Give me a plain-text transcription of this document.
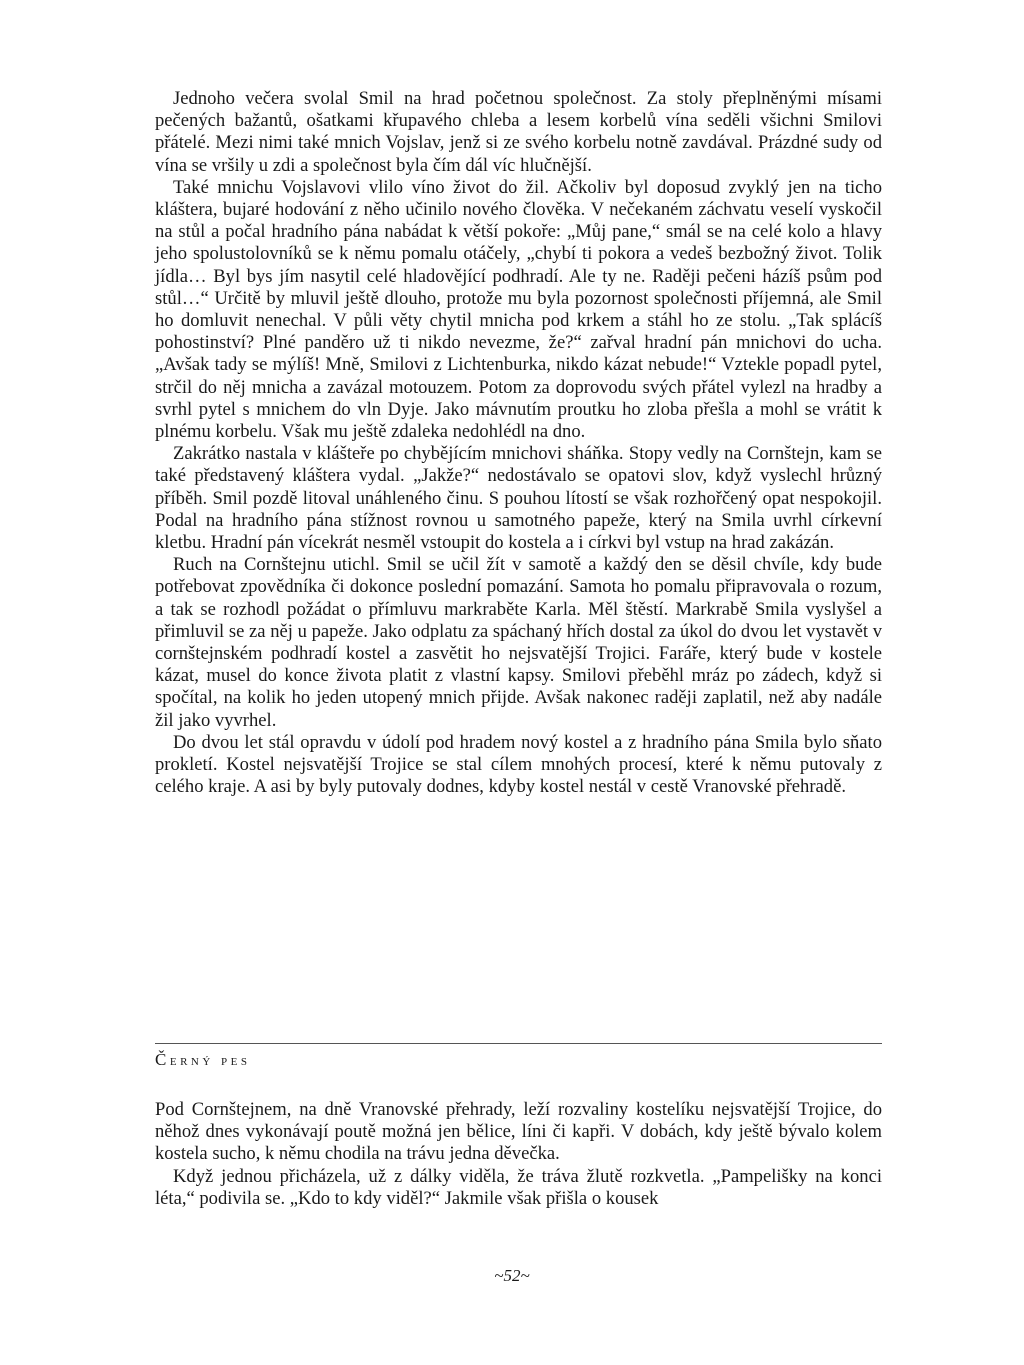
Jednoho večera svolal Smil na hrad početnou společnost. Za stoly přeplněnými mísami pečených bažantů, ošatkami křupavého chleba a lesem korbelů vína seděli všichni Smilovi přátelé. Mezi nimi také mnich Vojslav, jenž si ze svého korbelu notně zavdával. Prázdné sudy od vína se vršily u zdi a společnost byla čím dál víc hlučnější.

Také mnichu Vojslavovi vlilo víno život do žil. Ačkoliv byl doposud zvyklý jen na ticho kláštera, bujaré hodování z něho učinilo nového člověka. V nečekaném záchvatu veselí vyskočil na stůl a počal hradního pána nabádat k větší pokoře: „Můj pane,“ smál se na celé kolo a hlavy jeho spolustolovníků se k němu pomalu otáčely, „chybí ti pokora a vedeš bezbožný život. Tolik jídla… Byl bys jím nasytil celé hladovějící podhradí. Ale ty ne. Raději pečeni házíš psům pod stůl…“ Určitě by mluvil ještě dlouho, protože mu byla pozornost společnosti příjemná, ale Smil ho domluvit nenechal. V půli věty chytil mnicha pod krkem a stáhl ho ze stolu. „Tak splácíš pohostinství? Plné panděro už ti nikdo nevezme, že?“ zařval hradní pán mnichovi do ucha. „Avšak tady se mýlíš! Mně, Smilovi z Lichtenburka, nikdo kázat nebude!“ Vztekle popadl pytel, strčil do něj mnicha a zavázal motouzem. Potom za doprovodu svých přátel vylezl na hradby a svrhl pytel s mnichem do vln Dyje. Jako mávnutím proutku ho zloba přešla a mohl se vrátit k plnému korbelu. Však mu ještě zdaleka nedohlédl na dno.

Zakrátko nastala v klášteře po chybějícím mnichovi sháňka. Stopy vedly na Cornštejn, kam se také představený kláštera vydal. „Jakže?“ nedostávalo se opatovi slov, když vyslechl hrůzný příběh. Smil pozdě litoval unáhleného činu. S pouhou lítostí se však rozhořčený opat nespokojil. Podal na hradního pána stížnost rovnou u samotného papeže, který na Smila uvrhl církevní kletbu. Hradní pán vícekrát nesměl vstoupit do kostela a i církvi byl vstup na hrad zakázán.

Ruch na Cornštejnu utichl. Smil se učil žít v samotě a každý den se děsil chvíle, kdy bude potřebovat zpovědníka či dokonce poslední pomazání. Samota ho pomalu připravovala o rozum, a tak se rozhodl požádat o přímluvu markraběte Karla. Měl štěstí. Markrabě Smila vyslyšel a přimluvil se za něj u papeže. Jako odplatu za spáchaný hřích dostal za úkol do dvou let vystavět v cornštejnském podhradí kostel a zasvětit ho nejsvatější Trojici. Faráře, který bude v kostele kázat, musel do konce života platit z vlastní kapsy. Smilovi přeběhl mráz po zádech, když si spočítal, na kolik ho jeden utopený mnich přijde. Avšak nakonec raději zaplatil, než aby nadále žil jako vyvrhel.

Do dvou let stál opravdu v údolí pod hradem nový kostel a z hradního pána Smila bylo sňato prokletí. Kostel nejsvatější Trojice se stal cílem mnohých procesí, které k němu putovaly z celého kraje. A asi by byly putovaly dodnes, kdyby kostel nestál v cestě Vranovské přehradě.

Černý pes

Pod Cornštejnem, na dně Vranovské přehrady, leží rozvaliny kostelíku nejsvatější Trojice, do něhož dnes vykonávají poutě možná jen bělice, líni či kapři. V dobách, kdy ještě bývalo kolem kostela sucho, k němu chodila na trávu jedna děvečka.

Když jednou přicházela, už z dálky viděla, že tráva žlutě rozkvetla. „Pampelišky na konci léta,“ podivila se. „Kdo to kdy viděl?“ Jakmile však přišla o kousek

~52~
